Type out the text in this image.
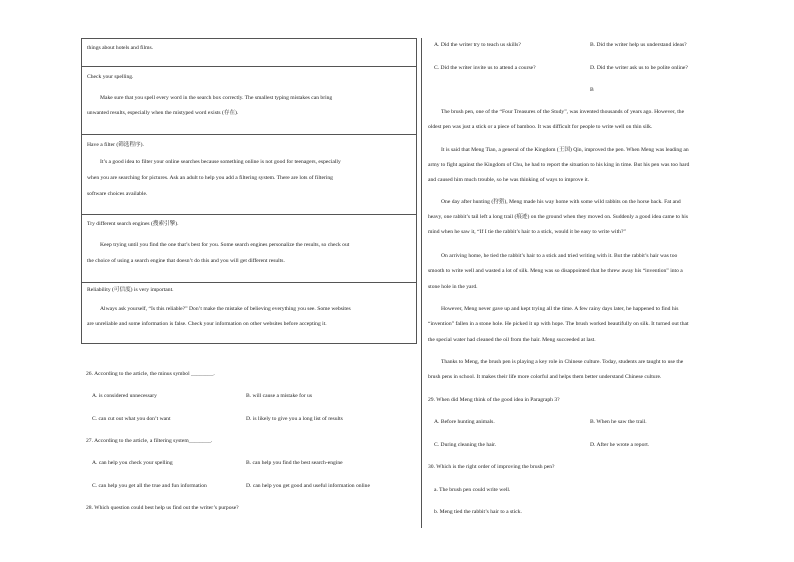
things about hotels and films.
Check your spelling.
Make sure that you spell every word in the search box correctly. The smallest typing mistakes can bring
unwanted results, especially when the mistyped word exists (存在).
Have a filter (筛选程序).
It’s a good idea to filter your online searches because something online is not good for teenagers, especially
when you are searching for pictures. Ask an adult to help you add a filtering system. There are lots of filtering
software choices available.
Try different search engines (搜索引擎).
Keep trying until you find the one that’s best for you. Some search engines personalize the results, so check out
the choice of using a search engine that doesn’t do this and you will get different results.
Reliability (可信度) is very important.
Always ask yourself, “Is this reliable?” Don’t make the mistake of believing everything you see. Some websites
are unreliable and some information is false. Check your information on other websites before accepting it.
26. According to the article, the minus symbol ________.
A. is considered unnecessary	B. will cause a mistake for us
C. can cut out what you don’t want	D. is likely to give you a long list of results
27. According to the article, a filtering system________.
A. can help you check your spelling	B. can help you find the best search-engine
C. can help you get all the true and fun information	D. can help you get good and useful information online
28. Which question could best help us find out the writer’s purpose?
A. Did the writer try to teach us skills?	B. Did the writer help us understand ideas?
C. Did the writer invite us to attend a course?	D. Did the writer ask us to be polite online?
B
The brush pen, one of the “Four Treasures of the Study”, was invented thousands of years ago. However, the
oldest pen was just a stick or a piece of bamboo. It was difficult for people to write well on thin silk.
It is said that Meng Tian, a general of the Kingdom (王国) Qin, improved the pen. When Meng was leading an
army to fight against the Kingdom of Chu, he had to report the situation to his king in time. But his pen was too hard
and caused him much trouble, so he was thinking of ways to improve it.
One day after hunting (狩猎), Meng made his way home with some wild rabbits on the horse back. Fat and
heavy, one rabbit’s tail left a long trail (痕迹) on the ground when they moved on. Suddenly a good idea came to his
mind when he saw it, “If I tie the rabbit’s hair to a stick, would it be easy to write with?”
On arriving home, he tied the rabbit’s hair to a stick and tried writing with it. But the rabbit’s hair was too
smooth to write well and wasted a lot of silk. Meng was so disappointed that he threw away his “invention” into a
stone hole in the yard.
However, Meng never gave up and kept trying all the time. A few rainy days later, he happened to find his
“invention” fallen in a stone hole. He picked it up with hope. The brush worked beautifully on silk. It turned out that
the special water had cleaned the oil from the hair. Meng succeeded at last.
Thanks to Meng, the brush pen is playing a key role in Chinese culture. Today, students are taught to use the
brush pens in school. It makes their life more colorful and helps them better understand Chinese culture.
29. When did Meng think of the good idea in Paragraph 3?
A. Before hunting animals.	B. When he saw the trail.
C. During cleaning the hair.	D. After he wrote a report.
30. Which is the right order of improving the brush pen?
a. The brush pen could write well.
b. Meng tied the rabbit’s hair to a stick.
